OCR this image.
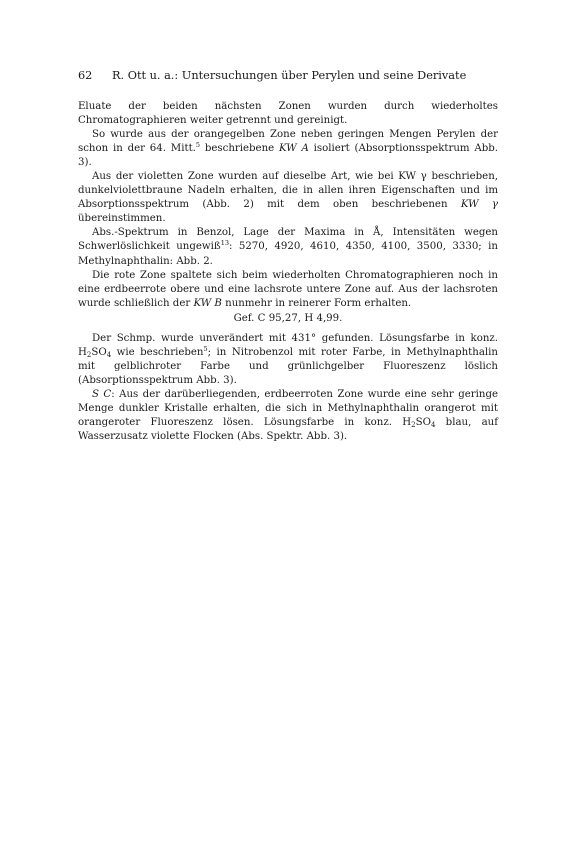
62 R. Ott u. a.: Untersuchungen über Perylen und seine Derivate

Eluate der beiden nächsten Zonen wurden durch wiederholtes Chromatographieren weiter getrennt und gereinigt.

So wurde aus der orangegelben Zone neben geringen Mengen Perylen der schon in der 64. Mitt.$^5$ beschriebene KW A isoliert (Absorptionsspektrum Abb. 3).

Aus der violetten Zone wurden auf dieselbe Art, wie bei KW γ beschrieben, dunkelviolettbraune Nadeln erhalten, die in allen ihren Eigenschaften und im Absorptionsspektrum (Abb. 2) mit dem oben beschriebenen KW γ übereinstimmen.

Abs.-Spektrum in Benzol, Lage der Maxima in Å, Intensitäten wegen Schwerlöslichkeit ungewiß$^{13}$: 5270, 4920, 4610, 4350, 4100, 3500, 3330; in Methylnaphthalin: Abb. 2.

Die rote Zone spaltete sich beim wiederholten Chromatographieren noch in eine erdbeerrote obere und eine lachsrote untere Zone auf. Aus der lachsroten wurde schließlich der KW B nunmehr in reinerer Form erhalten.

Gef. C 95,27, H 4,99.

Der Schmp. wurde unverändert mit 431° gefunden. Lösungsfarbe in konz. $H_2SO_4$ wie beschrieben$^5$; in Nitrobenzol mit roter Farbe, in Methylnaphthalin mit gelblichroter Farbe und grünlichgelber Fluoreszenz löslich (Absorptionsspektrum Abb. 3).

S C: Aus der darüberliegenden, erdbeerroten Zone wurde eine sehr geringe Menge dunkler Kristalle erhalten, die sich in Methylnaphthalin orangerot mit orangeroter Fluoreszenz lösen. Lösungsfarbe in konz. $H_2SO_4$ blau, auf Wasserzusatz violette Flocken (Abs. Spektr. Abb. 3).
